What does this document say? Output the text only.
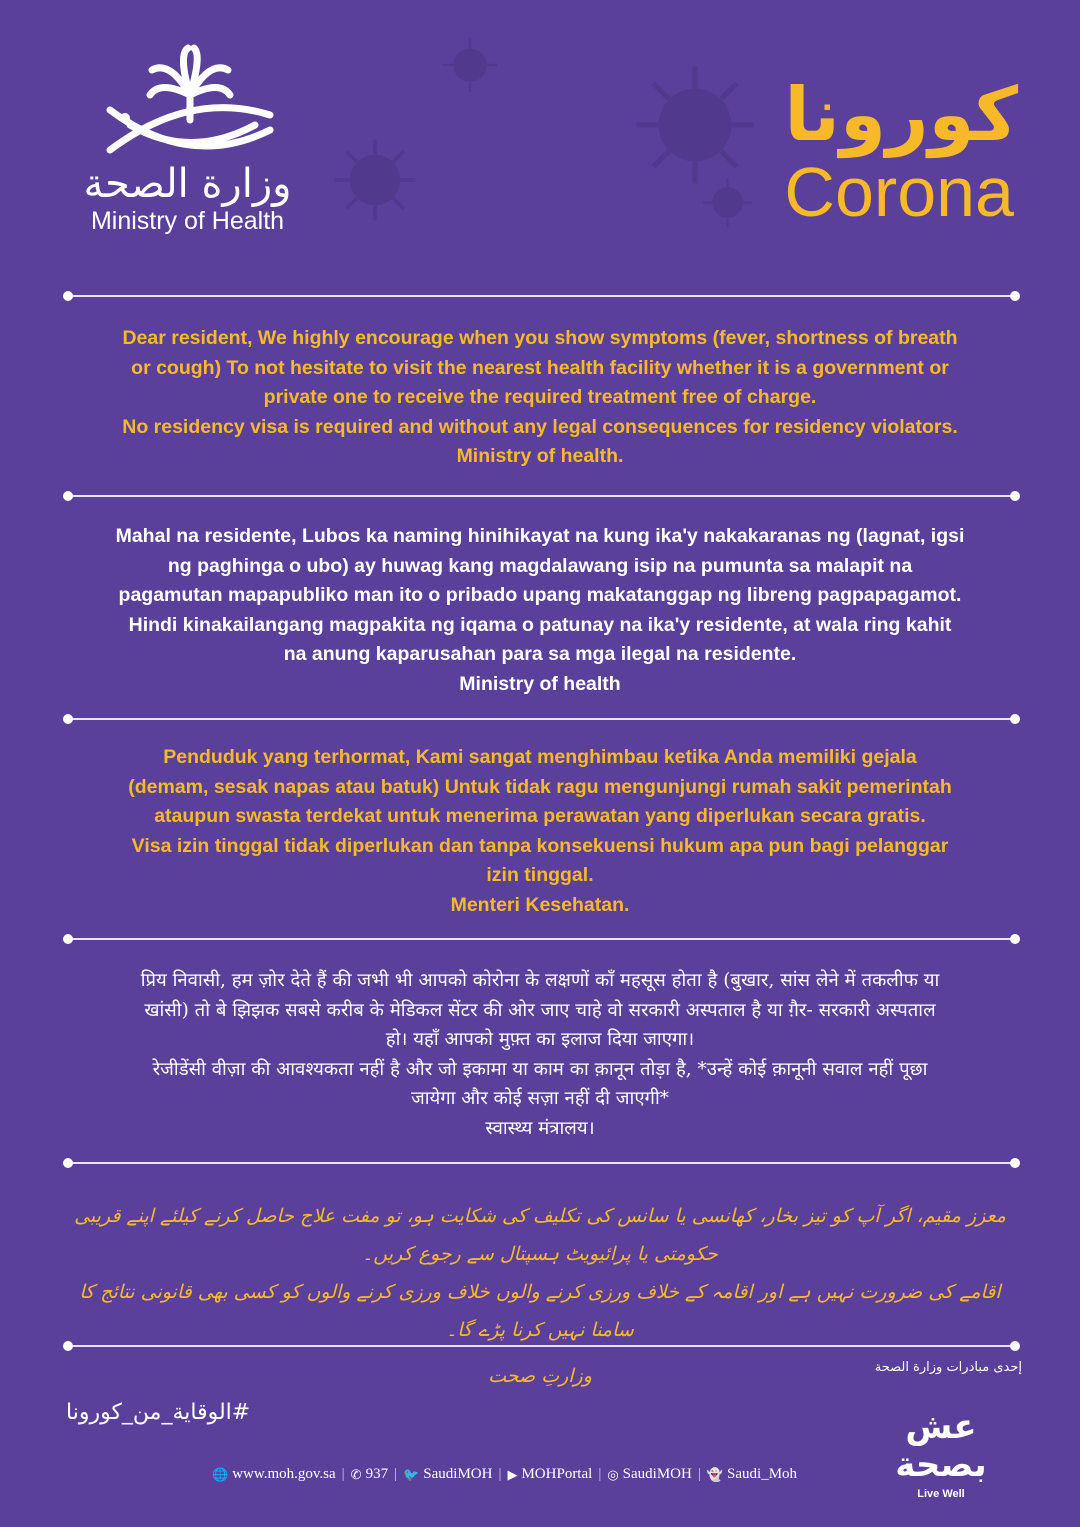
وزارة الصحة
Ministry of Health
كورونا
Corona
Dear resident, We highly encourage when you show symptoms (fever, shortness of breath
or cough) To not hesitate to visit the nearest health facility whether it is a government or
private one to receive the required treatment free of charge.
No residency visa is required and without any legal consequences for residency violators.
Ministry of health.
Mahal na residente, Lubos ka naming hinihikayat na kung ika'y nakakaranas ng (lagnat, igsi
ng paghinga o ubo) ay huwag kang magdalawang isip na pumunta sa malapit na
pagamutan mapapubliko man ito o pribado upang makatanggap ng libreng pagpapagamot.
Hindi kinakailangang magpakita ng iqama o patunay na ika'y residente, at wala ring kahit
na anung kaparusahan para sa mga ilegal na residente.
Ministry of health
Penduduk yang terhormat, Kami sangat menghimbau ketika Anda memiliki gejala
(demam, sesak napas atau batuk) Untuk tidak ragu mengunjungi rumah sakit pemerintah
ataupun swasta terdekat untuk menerima perawatan yang diperlukan secara gratis.
Visa izin tinggal tidak diperlukan dan tanpa konsekuensi hukum apa pun bagi pelanggar
izin tinggal.
Menteri Kesehatan.
प्रिय निवासी, हम ज़ोर देते हैं की जभी भी आपको कोरोना के लक्षणों काँ महसूस होता है (बुखार, सांस लेने में तकलीफ या
खांसी) तो बे झिझक सबसे करीब के मेडिकल सेंटर की ओर जाए चाहे वो सरकारी अस्पताल है या ग़ैर- सरकारी अस्पताल
हो। यहाँ आपको मुफ़्त का इलाज दिया जाएगा।
रेजीडेंसी वीज़ा की आवश्यकता नहीं है और जो इकामा या काम का क़ानून तोड़ा है, *उन्हें कोई क़ानूनी सवाल नहीं पूछा
जायेगा और कोई सज़ा नहीं दी जाएगी*
स्वास्थ्य मंत्रालय।
معزز مقیم، اگر آپ کو تیز بخار، کھانسی یا سانس کی تکلیف کی شکایت ہو، تو مفت علاج حاصل کرنے کیلئے اپنے قریبی حکومتی یا پرائیویٹ ہسپتال سے رجوع کریں۔
اقامے کی ضرورت نہیں ہے اور اقامہ کے خلاف ورزی کرنے والوں خلاف ورزی کرنے والوں کو کسی بھی قانونی نتائج کا سامنا نہیں کرنا پڑے گا۔
وزارتِ صحت	إحدى مبادرات وزارة الصحة
#الوقاية_من_كورونا
🌐 www.moh.gov.sa | ✆ 937 | 🐦 SaudiMOH | ▶ MOHPortal | ◎ SaudiMOH | 👻 Saudi_Moh
عش بصحة
Live Well
